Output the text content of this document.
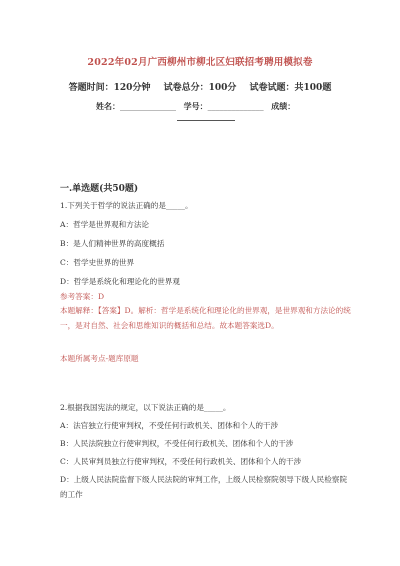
2022年02月广西柳州市柳北区妇联招考聘用模拟卷
答题时间：120分钟 试卷总分：100分 试卷试题：共100题
姓名：______________ 学号：______________ 成绩：
一.单选题(共50题)
1.下列关于哲学的说法正确的是_____。
A：哲学是世界观和方法论
B：是人们精神世界的高度概括
C：哲学史世界的世界
D：哲学是系统化和理论化的世界观
参考答案：D
本题解释：【答案】D。解析：哲学是系统化和理论化的世界观，是世界观和方法论的统一，是对自然、社会和思维知识的概括和总结。故本题答案选D。
本题所属考点-题库原题
2.根据我国宪法的规定，以下说法正确的是_____。
A：法官独立行使审判权，不受任何行政机关、团体和个人的干涉
B：人民法院独立行使审判权，不受任何行政机关、团体和个人的干涉
C：人民审判员独立行使审判权，不受任何行政机关、团体和个人的干涉
D：上级人民法院监督下级人民法院的审判工作，上级人民检察院领导下级人民检察院的工作
